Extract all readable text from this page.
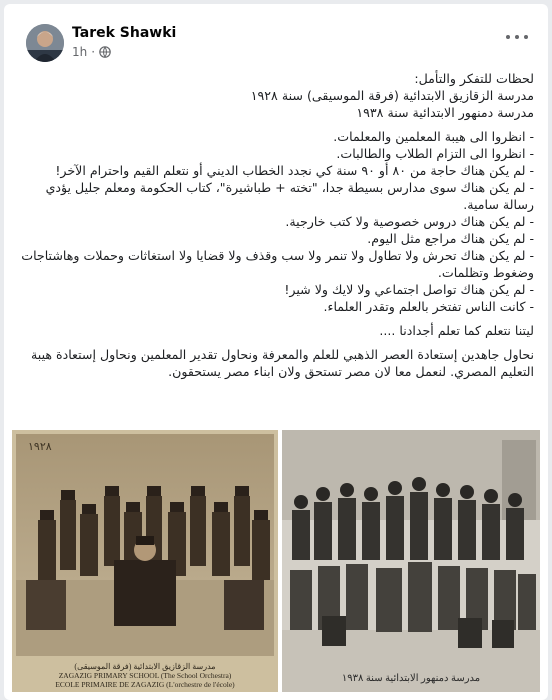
Tarek Shawki
1h ·

لحظات للتفكر والتأمل:

مدرسة الزقازيق الابتدائية (فرقة الموسيقى) سنة ١٩٢٨

مدرسة دمنهور الابتدائية سنة ١٩٣٨

- انظروا الى هيبة المعلمين والمعلمات.

- انظروا الى التزام الطلاب والطالبات.

- لم يكن هناك حاجة من ٨٠ أو ٩٠ سنة كي نجدد الخطاب الديني أو نتعلم القيم واحترام الآخر!

- لم يكن هناك سوى مدارس بسيطة جدا، "تخته + طباشيرة"، كتاب الحكومة ومعلم جليل يؤدي رسالة سامية.

- لم يكن هناك دروس خصوصية ولا كتب خارجية.

- لم يكن هناك مراجع مثل اليوم.

- لم يكن هناك تحرش ولا تطاول ولا تنمر ولا سب وقذف ولا قضايا ولا استغاثات وحملات وهاشتاجات وضغوط وتظلمات.

- لم يكن هناك تواصل اجتماعي ولا لايك ولا شير!

- كانت الناس تفتخر بالعلم وتقدر العلماء.

ليتنا نتعلم كما تعلم أجدادنا ....

نحاول جاهدين إستعادة العصر الذهبي للعلم والمعرفة ونحاول تقدير المعلمين ونحاول إستعادة هيبة التعليم المصري. لنعمل معا لان مصر تستحق ولان ابناء مصر يستحقون.

١٩٢٨
مدرسة الزقازيق الابتدائية (فرقة الموسيقى)
ZAGAZIG PRIMARY SCHOOL (The School Orchestra)
ECOLE PRIMAIRE DE ZAGAZIG (L'orchestre de l'école)
مدرسة دمنهور الابتدائية سنة ١٩٣٨
